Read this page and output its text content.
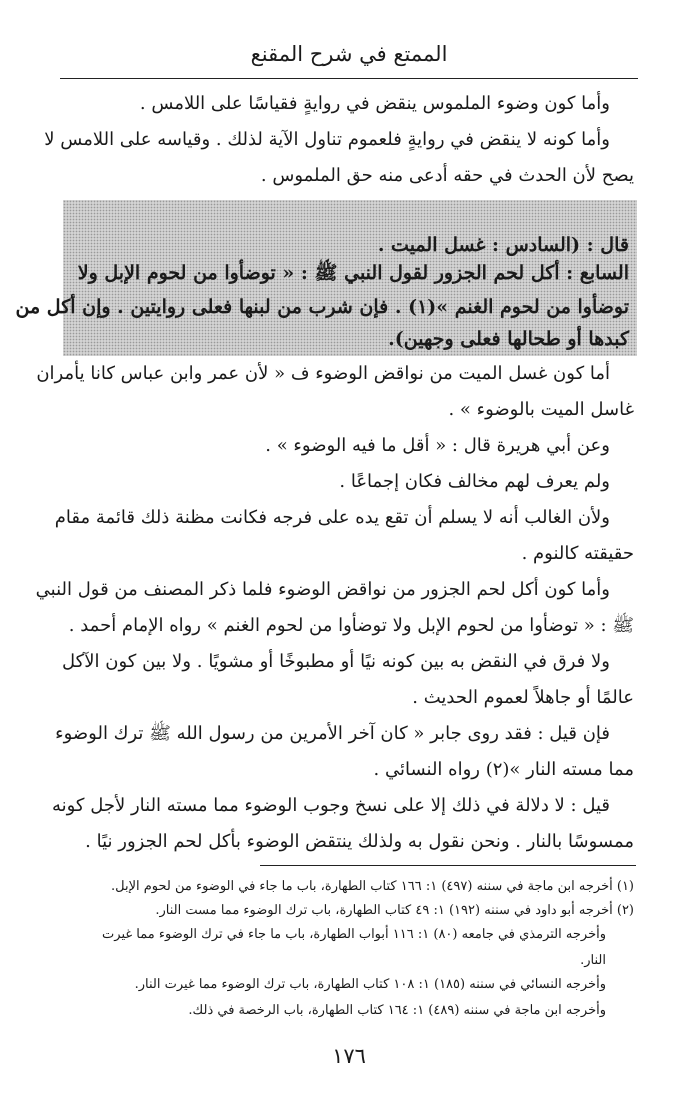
الممتع في شرح المقنع
وأما كون وضوء الملموس ينقض في روايةٍ فقياسًا على اللامس .
وأما كونه لا ينقض في روايةٍ فلعموم تناول الآية لذلك . وقياسه على اللامس لا
يصح لأن الحدث في حقه أدعى منه حق الملموس .
قال : (السادس : غسل الميت .
السابع : أكل لحم الجزور لقول النبي ﷺ : « توضأوا من لحوم الإبل ولا
توضأوا من لحوم الغنم »(١) . فإن شرب من لبنها فعلى روايتين . وإن أكل من
كبدها أو طحالها فعلى وجهين).
أما كون غسل الميت من نواقض الوضوء ف « لأن عمر وابن عباس كانا يأمران
غاسل الميت بالوضوء » .
وعن أبي هريرة قال : « أقل ما فيه الوضوء » .
ولم يعرف لهم مخالف فكان إجماعًا .
ولأن الغالب أنه لا يسلم أن تقع يده على فرجه فكانت مظنة ذلك قائمة مقام
حقيقته كالنوم .
وأما كون أكل لحم الجزور من نواقض الوضوء فلما ذكر المصنف من قول النبي
ﷺ : « توضأوا من لحوم الإبل ولا توضأوا من لحوم الغنم » رواه الإمام أحمد .
ولا فرق في النقض به بين كونه نيًا أو مطبوخًا أو مشويًا . ولا بين كون الآكل
عالمًا أو جاهلاً لعموم الحديث .
فإن قيل : فقد روى جابر « كان آخر الأمرين من رسول الله ﷺ ترك الوضوء
مما مسته النار »(٢) رواه النسائي .
قيل : لا دلالة في ذلك إلا على نسخ وجوب الوضوء مما مسته النار لأجل كونه
ممسوسًا بالنار . ونحن نقول به ولذلك ينتقض الوضوء بأكل لحم الجزور نيًا .
(١) أخرجه ابن ماجة في سننه (٤٩٧) ١: ١٦٦ كتاب الطهارة، باب ما جاء في الوضوء من لحوم الإبل.
(٢) أخرجه أبو داود في سننه (١٩٢) ١: ٤٩ كتاب الطهارة، باب ترك الوضوء مما مست النار.
وأخرجه الترمذي في جامعه (٨٠) ١: ١١٦ أبواب الطهارة، باب ما جاء في ترك الوضوء مما غيرت
النار.
وأخرجه النسائي في سننه (١٨٥) ١: ١٠٨ كتاب الطهارة، باب ترك الوضوء مما غيرت النار.
وأخرجه ابن ماجة في سننه (٤٨٩) ١: ١٦٤ كتاب الطهارة، باب الرخصة في ذلك.
١٧٦
